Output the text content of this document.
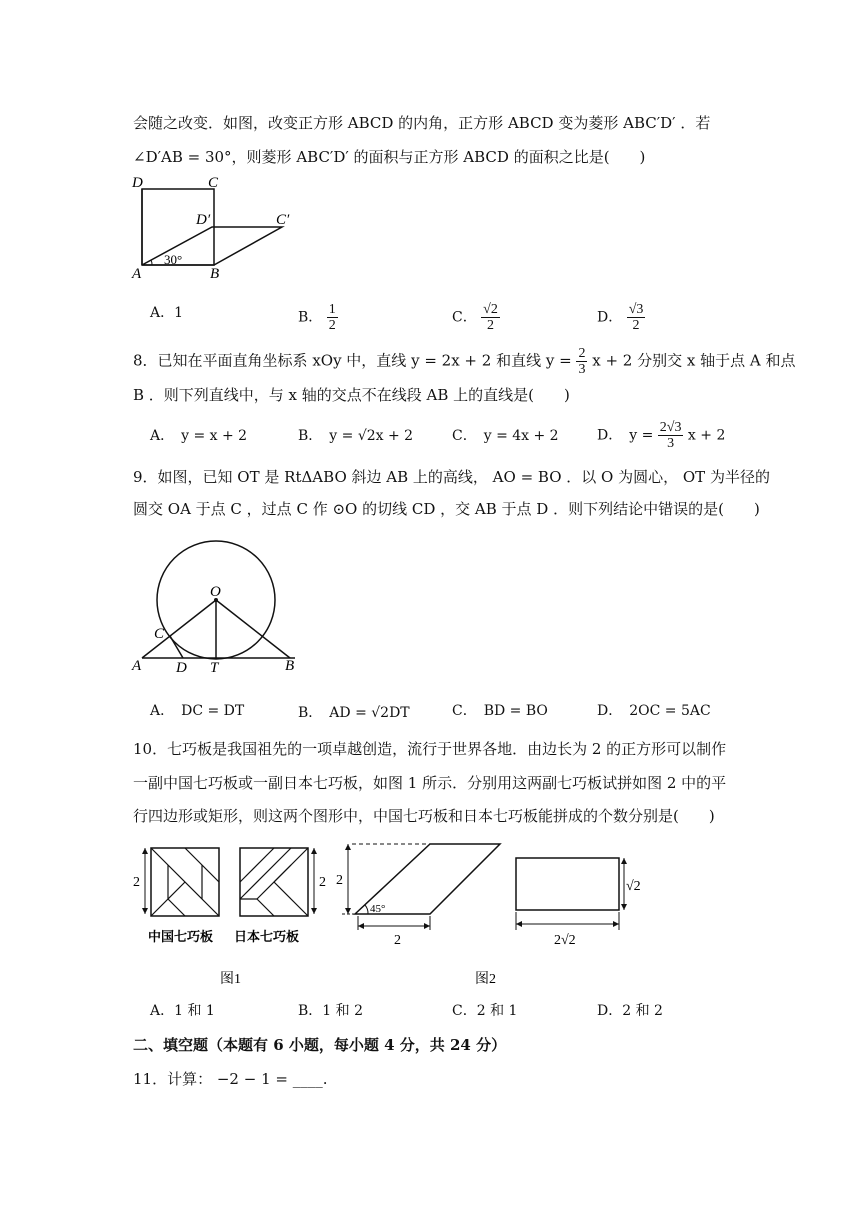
会随之改变．如图，改变正方形 ABCD 的内角，正方形 ABCD 变为菱形 ABC′D′ ．若
∠D′AB = 30°，则菱形 ABC′D′ 的面积与正方形 ABCD 的面积之比是(　　)
D	C
D′	C′
A	B
30°
A．1	B． $\frac{1}{2}$	C． $\frac{√2}{2}$	D． $\frac{√3}{2}$
8．已知在平面直角坐标系 xOy 中，直线 y = 2x + 2 和直线 $y = \frac{2}{3}$ x + 2 分别交 x 轴于点 A 和点
B ．则下列直线中，与 x 轴的交点不在线段 AB 上的直线是(　　)
A．　y = x + 2	B．　y = √2x + 2	C．　y = 4x + 2	D．　$y = \frac{2√3}{3}$ x + 2
9．如图，已知 OT 是 RtΔABO 斜边 AB 上的高线， AO = BO ．以 O 为圆心， OT 为半径的
圆交 OA 于点 C ，过点 C 作 ⊙O 的切线 CD ，交 AB 于点 D ．则下列结论中错误的是(　　)
O
C
A D T	B
A．　DC = DT	B．　AD = √2DT	C．　BD = BO	D．　2OC = 5AC
10．七巧板是我国祖先的一项卓越创造，流行于世界各地．由边长为 2 的正方形可以制作
一副中国七巧板或一副日本七巧板，如图 1 所示．分别用这两副七巧板试拼如图 2 中的平
行四边形或矩形，则这两个图形中，中国七巧板和日本七巧板能拼成的个数分别是(　　)
2
中国七巧板
2
日本七巧板
2
45°
2
√2
2√2
图1	图2
A．1 和 1	B．1 和 2	C．2 和 1	D．2 和 2
二、填空题（本题有 6 小题，每小题 4 分，共 24 分）
11．计算： −2 − 1 = ____.
